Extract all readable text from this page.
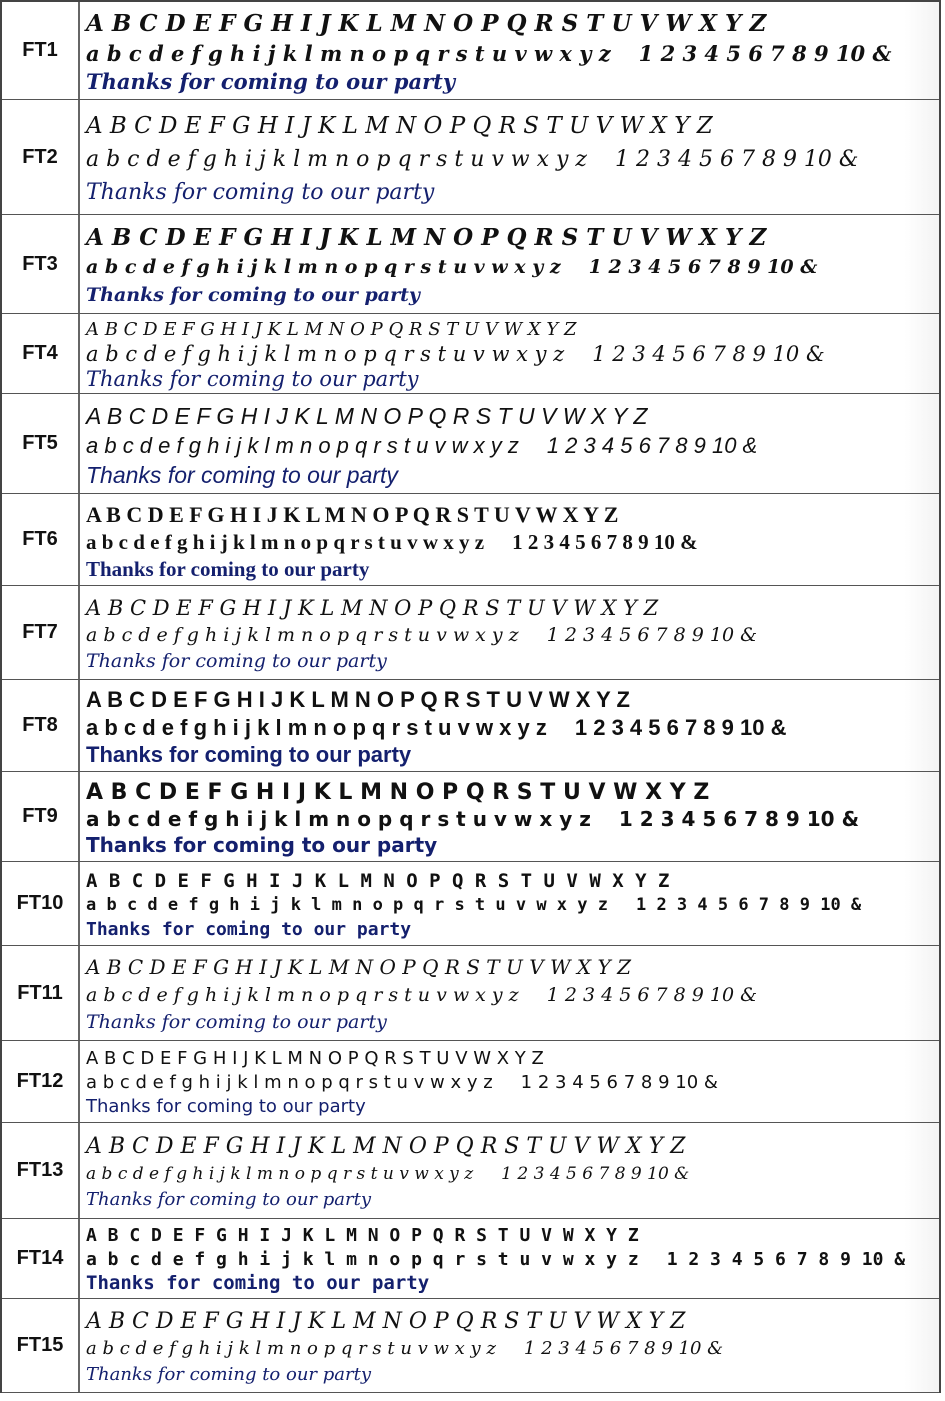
FT1
A B C D E F G H I J K L M N O P Q R S T U V W X Y Z
a b c d e f g h i j k l m n o p q r s t u v w x y z 1 2 3 4 5 6 7 8 9 10 &
Thanks for coming to our party
FT2
A B C D E F G H I J K L M N O P Q R S T U V W X Y Z
a b c d e f g h i j k l m n o p q r s t u v w x y z 1 2 3 4 5 6 7 8 9 10 &
Thanks for coming to our party
FT3
A B C D E F G H I J K L M N O P Q R S T U V W X Y Z
a b c d e f g h i j k l m n o p q r s t u v w x y z 1 2 3 4 5 6 7 8 9 10 &
Thanks for coming to our party
FT4
A B C D E F G H I J K L M N O P Q R S T U V W X Y Z
a b c d e f g h i j k l m n o p q r s t u v w x y z 1 2 3 4 5 6 7 8 9 10 &
Thanks for coming to our party
FT5
A B C D E F G H I J K L M N O P Q R S T U V W X Y Z
a b c d e f g h i j k l m n o p q r s t u v w x y z 1 2 3 4 5 6 7 8 9 10 &
Thanks for coming to our party
FT6
A B C D E F G H I J K L M N O P Q R S T U V W X Y Z
a b c d e f g h i j k l m n o p q r s t u v w x y z 1 2 3 4 5 6 7 8 9 10 &
Thanks for coming to our party
FT7
A B C D E F G H I J K L M N O P Q R S T U V W X Y Z
a b c d e f g h i j k l m n o p q r s t u v w x y z 1 2 3 4 5 6 7 8 9 10 &
Thanks for coming to our party
FT8
A B C D E F G H I J K L M N O P Q R S T U V W X Y Z
a b c d e f g h i j k l m n o p q r s t u v w x y z 1 2 3 4 5 6 7 8 9 10 &
Thanks for coming to our party
FT9
A B C D E F G H I J K L M N O P Q R S T U V W X Y Z
a b c d e f g h i j k l m n o p q r s t u v w x y z 1 2 3 4 5 6 7 8 9 10 &
Thanks for coming to our party
FT10
A B C D E F G H I J K L M N O P Q R S T U V W X Y Z
a b c d e f g h i j k l m n o p q r s t u v w x y z 1 2 3 4 5 6 7 8 9 10 &
Thanks for coming to our party
FT11
A B C D E F G H I J K L M N O P Q R S T U V W X Y Z
a b c d e f g h i j k l m n o p q r s t u v w x y z 1 2 3 4 5 6 7 8 9 10 &
Thanks for coming to our party
FT12
A B C D E F G H I J K L M N O P Q R S T U V W X Y Z
a b c d e f g h i j k l m n o p q r s t u v w x y z 1 2 3 4 5 6 7 8 9 10 &
Thanks for coming to our party
FT13
A B C D E F G H I J K L M N O P Q R S T U V W X Y Z
a b c d e f g h i j k l m n o p q r s t u v w x y z 1 2 3 4 5 6 7 8 9 10 &
Thanks for coming to our party
FT14
A B C D E F G H I J K L M N O P Q R S T U V W X Y Z
a b c d e f g h i j k l m n o p q r s t u v w x y z 1 2 3 4 5 6 7 8 9 10 &
Thanks for coming to our party
FT15
A B C D E F G H I J K L M N O P Q R S T U V W X Y Z
a b c d e f g h i j k l m n o p q r s t u v w x y z 1 2 3 4 5 6 7 8 9 10 &
Thanks for coming to our party
